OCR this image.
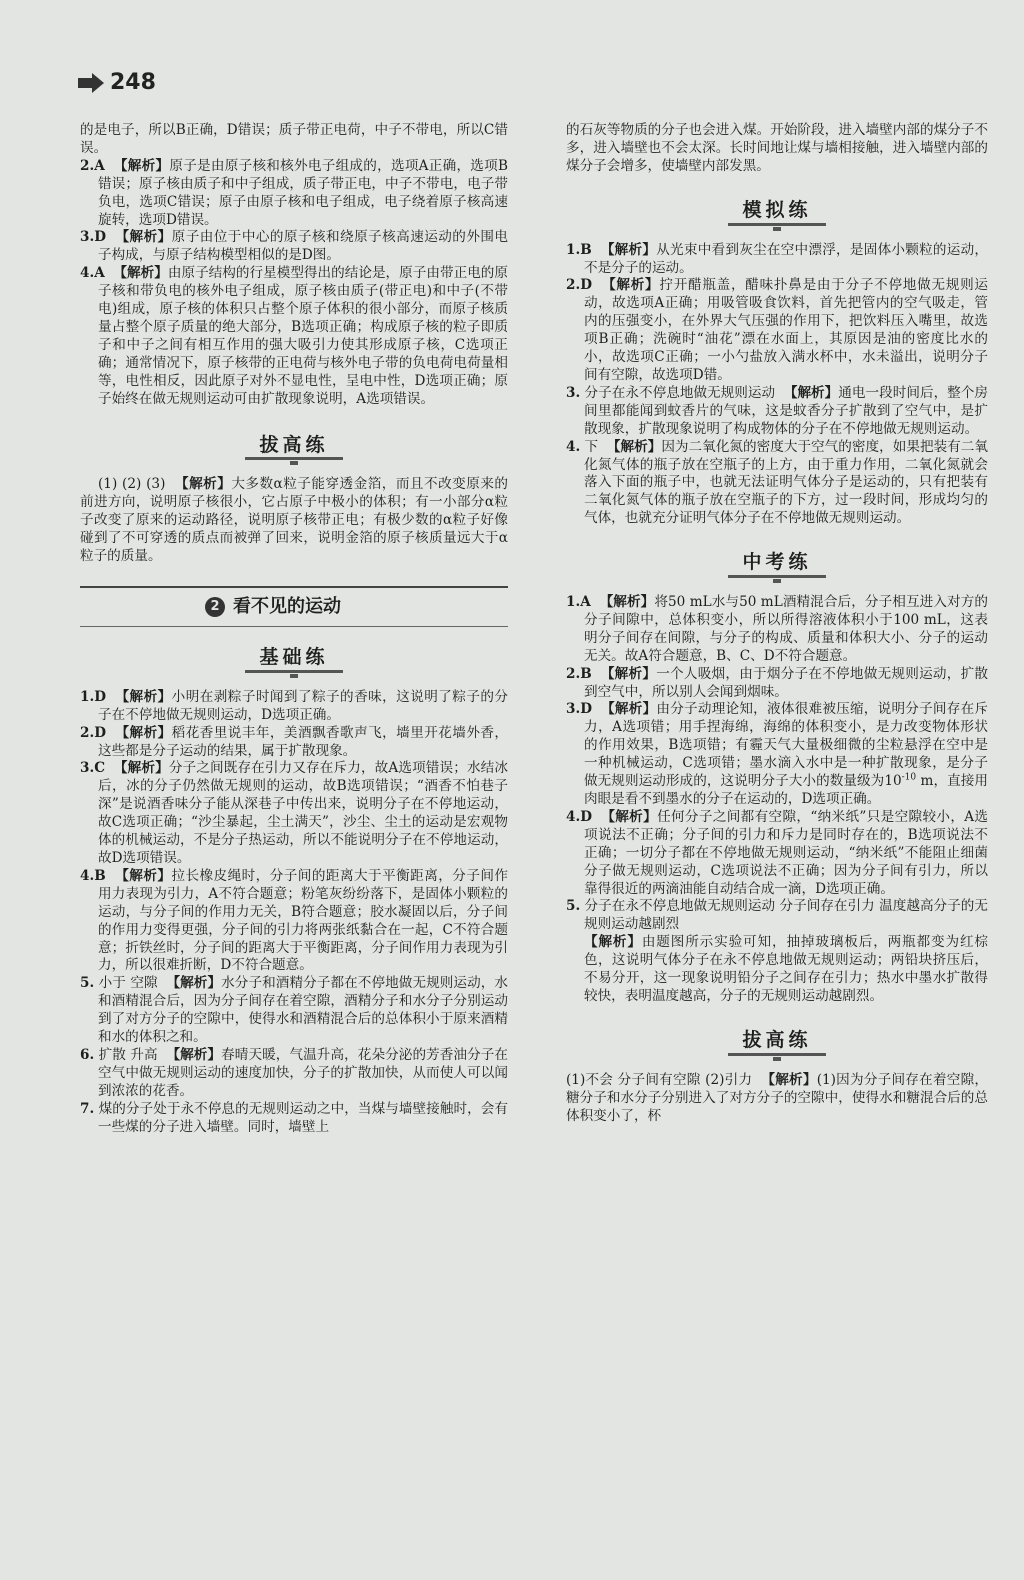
248

的是电子，所以B正确，D错误；质子带正电荷，中子不带电，所以C错误。

2.A 【解析】原子是由原子核和核外电子组成的，选项A正确，选项B错误；原子核由质子和中子组成，质子带正电，中子不带电，电子带负电，选项C错误；原子由原子核和电子组成，电子绕着原子核高速旋转，选项D错误。

3.D 【解析】原子由位于中心的原子核和绕原子核高速运动的外围电子构成，与原子结构模型相似的是D图。

4.A 【解析】由原子结构的行星模型得出的结论是，原子由带正电的原子核和带负电的核外电子组成，原子核由质子(带正电)和中子(不带电)组成，原子核的体积只占整个原子体积的很小部分，而原子核质量占整个原子质量的绝大部分，B选项正确；构成原子核的粒子即质子和中子之间有相互作用的强大吸引力使其形成原子核，C选项正确；通常情况下，原子核带的正电荷与核外电子带的负电荷电荷量相等，电性相反，因此原子对外不显电性，呈电中性，D选项正确；原子始终在做无规则运动可由扩散现象说明，A选项错误。

拔高练

(1) (2) (3) 【解析】大多数α粒子能穿透金箔，而且不改变原来的前进方向，说明原子核很小，它占原子中极小的体积；有一小部分α粒子改变了原来的运动路径，说明原子核带正电；有极少数的α粒子好像碰到了不可穿透的质点而被弹了回来，说明金箔的原子核质量远大于α粒子的质量。

2 看不见的运动
基础练

1.D 【解析】小明在剥粽子时闻到了粽子的香味，这说明了粽子的分子在不停地做无规则运动，D选项正确。

2.D 【解析】稻花香里说丰年，美酒飘香歌声飞，墙里开花墙外香，这些都是分子运动的结果，属于扩散现象。

3.C 【解析】分子之间既存在引力又存在斥力，故A选项错误；水结冰后，冰的分子仍然做无规则的运动，故B选项错误；“酒香不怕巷子深”是说酒香味分子能从深巷子中传出来，说明分子在不停地运动，故C选项正确；“沙尘暴起，尘土满天”，沙尘、尘土的运动是宏观物体的机械运动，不是分子热运动，所以不能说明分子在不停地运动，故D选项错误。

4.B 【解析】拉长橡皮绳时，分子间的距离大于平衡距离，分子间作用力表现为引力，A不符合题意；粉笔灰纷纷落下，是固体小颗粒的运动，与分子间的作用力无关，B符合题意；胶水凝固以后，分子间的作用力变得更强，分子间的引力将两张纸黏合在一起，C不符合题意；折铁丝时，分子间的距离大于平衡距离，分子间作用力表现为引力，所以很难折断，D不符合题意。

5. 小于 空隙 【解析】水分子和酒精分子都在不停地做无规则运动，水和酒精混合后，因为分子间存在着空隙，酒精分子和水分子分别运动到了对方分子的空隙中，使得水和酒精混合后的总体积小于原来酒精和水的体积之和。

6. 扩散 升高 【解析】春晴天暖，气温升高，花朵分泌的芳香油分子在空气中做无规则运动的速度加快，分子的扩散加快，从而使人可以闻到浓浓的花香。

7. 煤的分子处于永不停息的无规则运动之中，当煤与墙壁接触时，会有一些煤的分子进入墙壁。同时，墙壁上

的石灰等物质的分子也会进入煤。开始阶段，进入墙壁内部的煤分子不多，进入墙壁也不会太深。长时间地让煤与墙相接触，进入墙壁内部的煤分子会增多，使墙壁内部发黑。

模拟练

1.B 【解析】从光束中看到灰尘在空中漂浮，是固体小颗粒的运动，不是分子的运动。

2.D 【解析】拧开醋瓶盖，醋味扑鼻是由于分子不停地做无规则运动，故选项A正确；用吸管吸食饮料，首先把管内的空气吸走，管内的压强变小，在外界大气压强的作用下，把饮料压入嘴里，故选项B正确；洗碗时“油花”漂在水面上，其原因是油的密度比水的小，故选项C正确；一小勺盐放入满水杯中，水未溢出，说明分子间有空隙，故选项D错。

3. 分子在永不停息地做无规则运动 【解析】通电一段时间后，整个房间里都能闻到蚊香片的气味，这是蚊香分子扩散到了空气中，是扩散现象，扩散现象说明了构成物体的分子在不停地做无规则运动。

4. 下 【解析】因为二氧化氮的密度大于空气的密度，如果把装有二氧化氮气体的瓶子放在空瓶子的上方，由于重力作用，二氧化氮就会落入下面的瓶子中，也就无法证明气体分子是运动的，只有把装有二氧化氮气体的瓶子放在空瓶子的下方，过一段时间，形成均匀的气体，也就充分证明气体分子在不停地做无规则运动。

中考练

1.A 【解析】将50 mL水与50 mL酒精混合后，分子相互进入对方的分子间隙中，总体积变小，所以所得溶液体积小于100 mL，这表明分子间存在间隙，与分子的构成、质量和体积大小、分子的运动无关。故A符合题意，B、C、D不符合题意。

2.B 【解析】一个人吸烟，由于烟分子在不停地做无规则运动，扩散到空气中，所以别人会闻到烟味。

3.D 【解析】由分子动理论知，液体很难被压缩，说明分子间存在斥力，A选项错；用手捏海绵，海绵的体积变小，是力改变物体形状的作用效果，B选项错；有霾天气大量极细微的尘粒悬浮在空中是一种机械运动，C选项错；墨水滴入水中是一种扩散现象，是分子做无规则运动形成的，这说明分子大小的数量级为$10^{-10}$ m，直接用肉眼是看不到墨水的分子在运动的，D选项正确。

4.D 【解析】任何分子之间都有空隙，“纳米纸”只是空隙较小，A选项说法不正确；分子间的引力和斥力是同时存在的，B选项说法不正确；一切分子都在不停地做无规则运动，“纳米纸”不能阻止细菌分子做无规则运动，C选项说法不正确；因为分子间有引力，所以靠得很近的两滴油能自动结合成一滴，D选项正确。

5. 分子在永不停息地做无规则运动 分子间存在引力 温度越高分子的无规则运动越剧烈

【解析】由题图所示实验可知，抽掉玻璃板后，两瓶都变为红棕色，这说明气体分子在永不停息地做无规则运动；两铅块挤压后，不易分开，这一现象说明铅分子之间存在引力；热水中墨水扩散得较快，表明温度越高，分子的无规则运动越剧烈。

拔高练

(1)不会 分子间有空隙 (2)引力 【解析】(1)因为分子间存在着空隙，糖分子和水分子分别进入了对方分子的空隙中，使得水和糖混合后的总体积变小了，杯
